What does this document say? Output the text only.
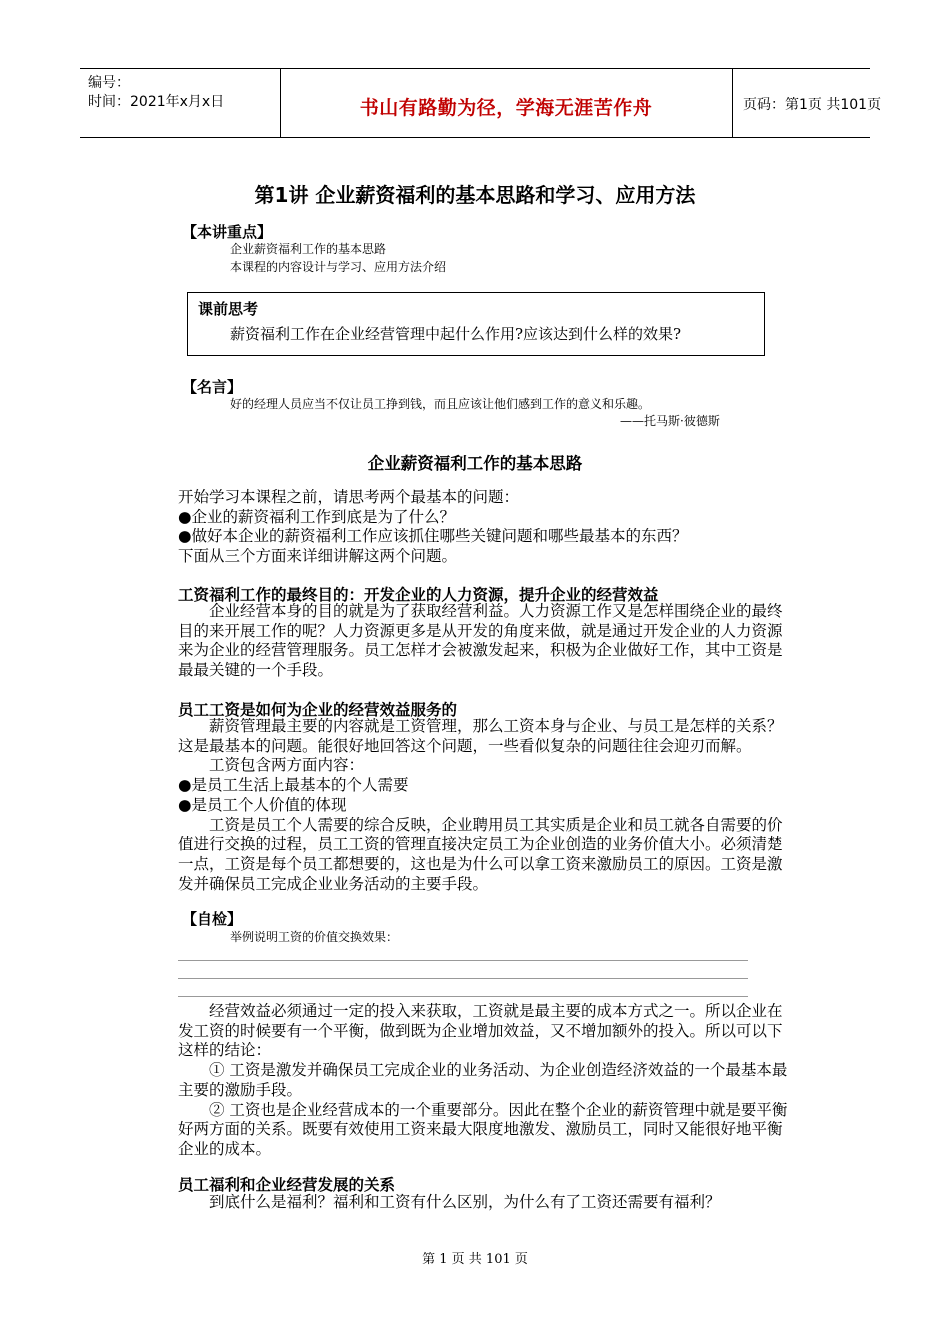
编号：
时间：2021年x月x日	书山有路勤为径，学海无涯苦作舟	页码：第1页 共101页
第1讲 企业薪资福利的基本思路和学习、应用方法
【本讲重点】
企业薪资福利工作的基本思路
本课程的内容设计与学习、应用方法介绍
课前思考
薪资福利工作在企业经营管理中起什么作用?应该达到什么样的效果?
【名言】
好的经理人员应当不仅让员工挣到钱，而且应该让他们感到工作的意义和乐趣。
——托马斯·彼德斯
企业薪资福利工作的基本思路

开始学习本课程之前，请思考两个最基本的问题：

●企业的薪资福利工作到底是为了什么？

●做好本企业的薪资福利工作应该抓住哪些关键问题和哪些最基本的东西？

下面从三个方面来详细讲解这两个问题。

工资福利工作的最终目的：开发企业的人力资源，提升企业的经营效益

　　企业经营本身的目的就是为了获取经营利益。人力资源工作又是怎样围绕企业的最终

目的来开展工作的呢？人力资源更多是从开发的角度来做，就是通过开发企业的人力资源

来为企业的经营管理服务。员工怎样才会被激发起来，积极为企业做好工作，其中工资是

最最关键的一个手段。

员工工资是如何为企业的经营效益服务的

　　薪资管理最主要的内容就是工资管理，那么工资本身与企业、与员工是怎样的关系？

这是最基本的问题。能很好地回答这个问题，一些看似复杂的问题往往会迎刃而解。

　　工资包含两方面内容：

●是员工生活上最基本的个人需要

●是员工个人价值的体现

　　工资是员工个人需要的综合反映，企业聘用员工其实质是企业和员工就各自需要的价

值进行交换的过程，员工工资的管理直接决定员工为企业创造的业务价值大小。必须清楚

一点，工资是每个员工都想要的，这也是为什么可以拿工资来激励员工的原因。工资是激

发并确保员工完成企业业务活动的主要手段。

【自检】
举例说明工资的价值交换效果：

　　经营效益必须通过一定的投入来获取，工资就是最主要的成本方式之一。所以企业在

发工资的时候要有一个平衡，做到既为企业增加效益，又不增加额外的投入。所以可以下

这样的结论：

　　① 工资是激发并确保员工完成企业的业务活动、为企业创造经济效益的一个最基本最

主要的激励手段。

　　② 工资也是企业经营成本的一个重要部分。因此在整个企业的薪资管理中就是要平衡

好两方面的关系。既要有效使用工资来最大限度地激发、激励员工，同时又能很好地平衡

企业的成本。

员工福利和企业经营发展的关系

　　到底什么是福利？福利和工资有什么区别，为什么有了工资还需要有福利？

第 1 页 共 101 页
